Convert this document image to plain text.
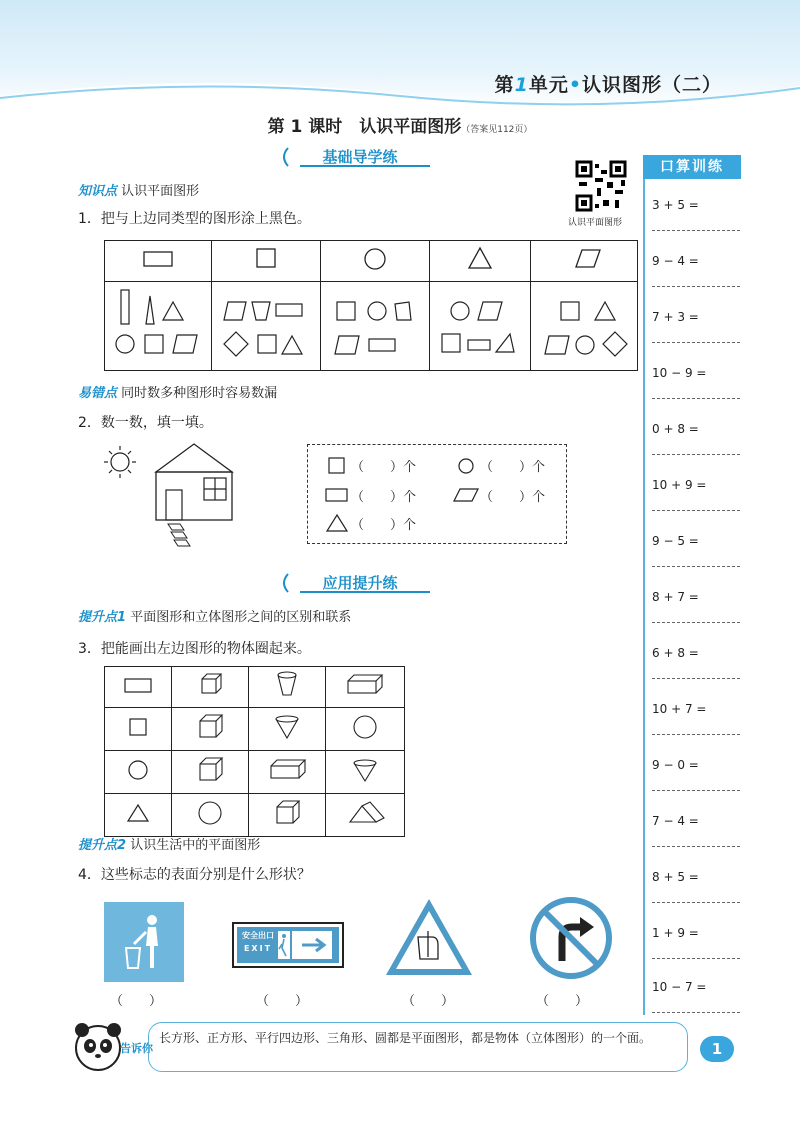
第1单元•认识图形（二）
第 1 课时　认识平面图形（答案见112页）
基础导学练
认识平面图形
知识点 认识平面图形
1．把与上边同类型的图形涂上黑色。

易错点 同时数多种图形时容易数漏
2．数一数，填一填。
（　　）个	（　　）个
（　　）个	（　　）个
（　　）个
应用提升练
提升点1 平面图形和立体图形之间的区别和联系
3．把能画出左边图形的物体圈起来。

提升点2 认识生活中的平面图形
4．这些标志的表面分别是什么形状？
安全出口
EXIT
（　　）	（　　）	（　　）	（　　）
口算训练
3 + 5 =
9 − 4 =
7 + 3 =
10 − 9 =
0 + 8 =
10 + 9 =
9 − 5 =
8 + 7 =
6 + 8 =
10 + 7 =
9 − 0 =
7 − 4 =
8 + 5 =
1 + 9 =
10 − 7 =
告诉你
长方形、正方形、平行四边形、三角形、圆都是平面图形，都是物体（立体图形）的一个面。
1
